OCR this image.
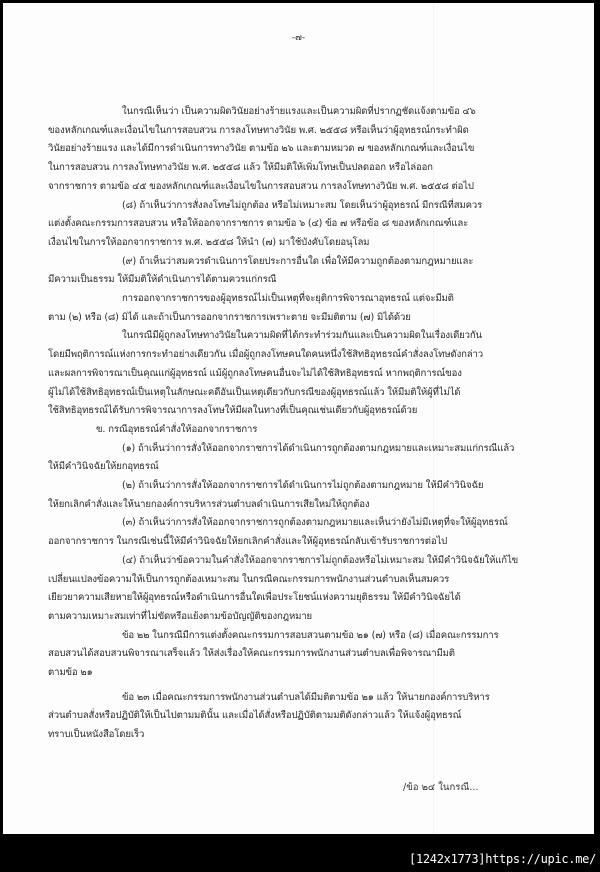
-๗-
ในกรณีเห็นว่า เป็นความผิดวินัยอย่างร้ายแรงและเป็นความผิดที่ปรากฏชัดแจ้งตามข้อ ๔๖
ของหลักเกณฑ์และเงื่อนไขในการสอบสวน การลงโทษทางวินัย พ.ศ. ๒๕๕๘ หรือเห็นว่าผู้อุทธรณ์กระทำผิด
วินัยอย่างร้ายแรง และได้มีการดำเนินการทางวินัย ตามข้อ ๒๖ และตามหมวด ๗ ของหลักเกณฑ์และเงื่อนไข
ในการสอบสวน การลงโทษทางวินัย พ.ศ. ๒๕๕๘ แล้ว ให้มีมติให้เพิ่มโทษเป็นปลดออก หรือไล่ออก
จากราชการ ตามข้อ ๔๕ ของหลักเกณฑ์และเงื่อนไขในการสอบสวน การลงโทษทางวินัย พ.ศ. ๒๕๕๘ ต่อไป
(๘) ถ้าเห็นว่าการสั่งลงโทษไม่ถูกต้อง หรือไม่เหมาะสม โดยเห็นว่าผู้อุทธรณ์ มีกรณีที่สมควร
แต่งตั้งคณะกรรมการสอบสวน หรือให้ออกจากราชการ ตามข้อ ๖ (๔) ข้อ ๗ หรือข้อ ๘ ของหลักเกณฑ์และ
เงื่อนไขในการให้ออกจากราชการ พ.ศ. ๒๕๕๘ ให้นำ (๗) มาใช้บังคับโดยอนุโลม
(๙) ถ้าเห็นว่าสมควรดำเนินการโดยประการอื่นใด เพื่อให้มีความถูกต้องตามกฎหมายและ
มีความเป็นธรรม ให้มีมติให้ดำเนินการได้ตามควรแก่กรณี
การออกจากราชการของผู้อุทธรณ์ไม่เป็นเหตุที่จะยุติการพิจารณาอุทธรณ์ แต่จะมีมติ
ตาม (๒) หรือ (๘) มิได้ และถ้าเป็นการออกจากราชการเพราะตาย จะมีมติตาม (๗) มิได้ด้วย
ในกรณีมีผู้ถูกลงโทษทางวินัยในความผิดที่ได้กระทำร่วมกันและเป็นความผิดในเรื่องเดียวกัน
โดยมีพฤติการณ์แห่งการกระทำอย่างเดียวกัน เมื่อผู้ถูกลงโทษคนใดคนหนึ่งใช้สิทธิอุทธรณ์คำสั่งลงโทษดังกล่าว
และผลการพิจารณาเป็นคุณแก่ผู้อุทธรณ์ แม้ผู้ถูกลงโทษคนอื่นจะไม่ได้ใช้สิทธิอุทธรณ์ หากพฤติการณ์ของ
ผู้ไม่ได้ใช้สิทธิอุทธรณ์เป็นเหตุในลักษณะคดีอันเป็นเหตุเดียวกับกรณีของผู้อุทธรณ์แล้ว ให้มีมติให้ผู้ที่ไม่ได้
ใช้สิทธิอุทธรณ์ได้รับการพิจารณาการลงโทษให้มีผลในทางที่เป็นคุณเช่นเดียวกับผู้อุทธรณ์ด้วย
ข. กรณีอุทธรณ์คำสั่งให้ออกจากราชการ
(๑) ถ้าเห็นว่าการสั่งให้ออกจากราชการได้ดำเนินการถูกต้องตามกฎหมายและเหมาะสมแก่กรณีแล้ว
ให้มีคำวินิจฉัยให้ยกอุทธรณ์
(๒) ถ้าเห็นว่าการสั่งให้ออกจากราชการได้ดำเนินการไม่ถูกต้องตามกฎหมาย ให้มีคำวินิจฉัย
ให้ยกเลิกคำสั่งและให้นายกองค์การบริหารส่วนตำบลดำเนินการเสียใหม่ให้ถูกต้อง
(๓) ถ้าเห็นว่าการสั่งให้ออกจากราชการถูกต้องตามกฎหมายและเห็นว่ายังไม่มีเหตุที่จะให้ผู้อุทธรณ์
ออกจากราชการ ในกรณีเช่นนี้ให้มีคำวินิจฉัยให้ยกเลิกคำสั่งและให้ผู้อุทธรณ์กลับเข้ารับราชการต่อไป
(๔) ถ้าเห็นว่าข้อความในคำสั่งให้ออกจากราชการไม่ถูกต้องหรือไม่เหมาะสม ให้มีคำวินิจฉัยให้แก้ไข
เปลี่ยนแปลงข้อความให้เป็นการถูกต้องเหมาะสม ในกรณีคณะกรรมการพนักงานส่วนตำบลเห็นสมควร
เยียวยาความเสียหายให้ผู้อุทธรณ์หรือดำเนินการอื่นใดเพื่อประโยชน์แห่งความยุติธรรม ให้มีคำวินิจฉัยได้
ตามความเหมาะสมเท่าที่ไม่ขัดหรือแย้งตามข้อบัญญัติของกฎหมาย
ข้อ ๒๒ ในกรณีมีการแต่งตั้งคณะกรรมการสอบสวนตามข้อ ๒๑ (๗) หรือ (๘) เมื่อคณะกรรมการ
สอบสวนได้สอบสวนพิจารณาเสร็จแล้ว ให้ส่งเรื่องให้คณะกรรมการพนักงานส่วนตำบลเพื่อพิจารณามีมติ
ตามข้อ ๒๑
ข้อ ๒๓ เมื่อคณะกรรมการพนักงานส่วนตำบลได้มีมติตามข้อ ๒๑ แล้ว ให้นายกองค์การบริหาร
ส่วนตำบลสั่งหรือปฏิบัติให้เป็นไปตามมตินั้น และเมื่อได้สั่งหรือปฏิบัติตามมติดังกล่าวแล้ว ให้แจ้งผู้อุทธรณ์
ทราบเป็นหนังสือโดยเร็ว
/ข้อ ๒๔ ในกรณี...
[1242x1773]https://upic.me/
